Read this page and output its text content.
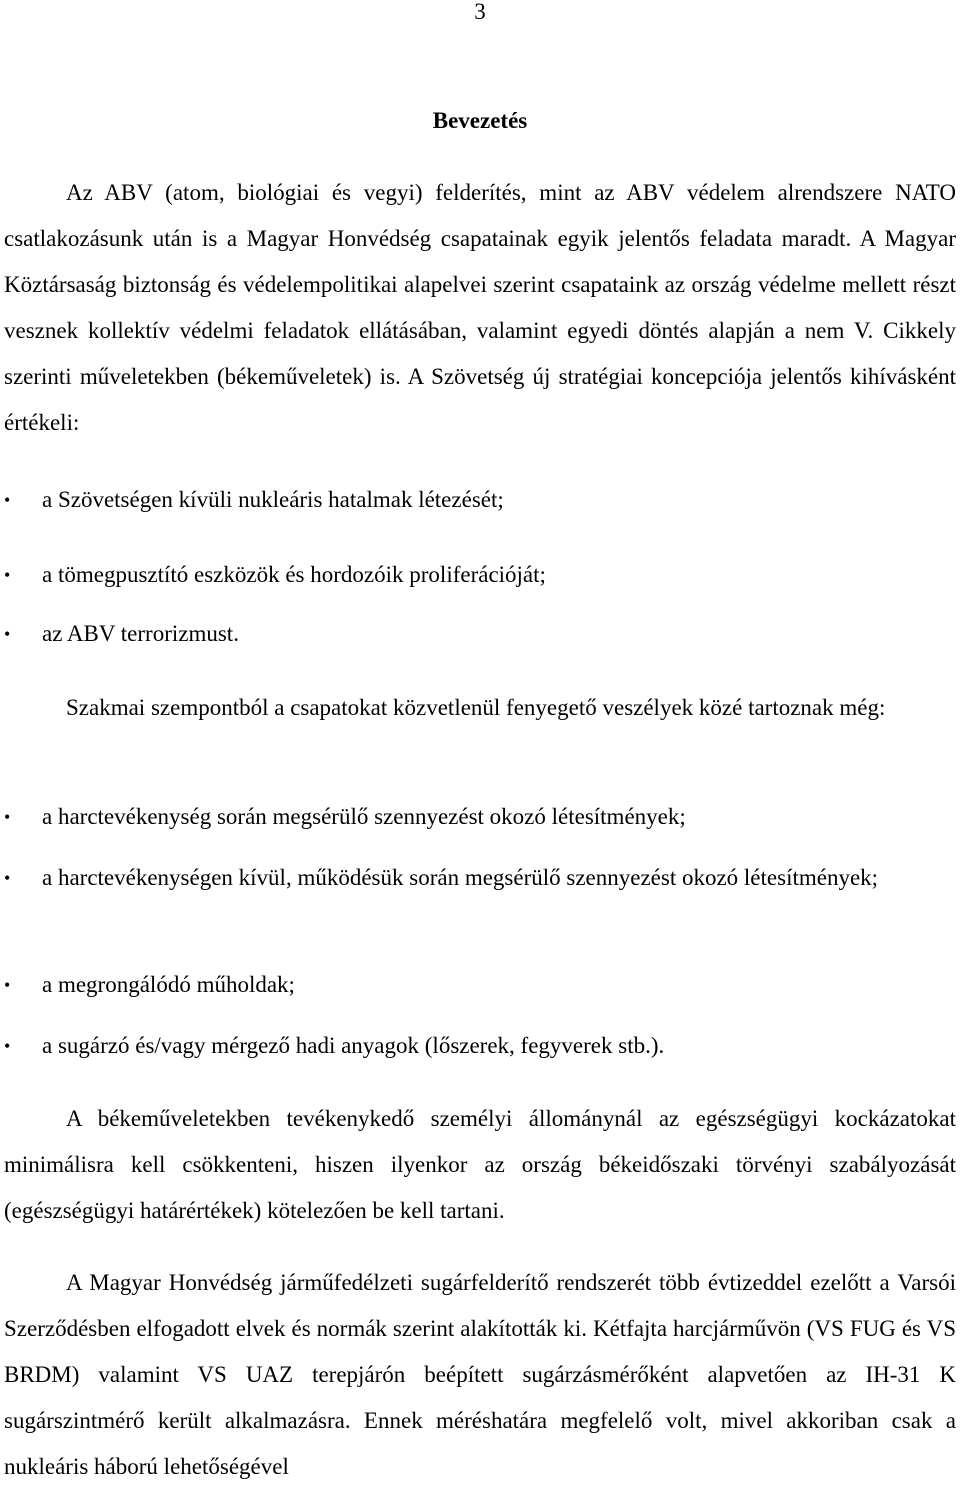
3
Bevezetés

Az ABV (atom, biológiai és vegyi) felderítés, mint az ABV védelem alrendszere NATO csatlakozásunk után is a Magyar Honvédség csapatainak egyik jelentős feladata maradt. A Magyar Köztársaság biztonság és védelempolitikai alapelvei szerint csapataink az ország védelme mellett részt vesznek kollektív védelmi feladatok ellátásában, valamint egyedi döntés alapján a nem V. Cikkely szerinti műveletekben (békeműveletek) is. A Szövetség új stratégiai koncepciója jelentős kihívásként értékeli:

•	a Szövetségen kívüli nukleáris hatalmak létezését;
•	a tömegpusztító eszközök és hordozóik proliferációját;
•	az ABV terrorizmust.

Szakmai szempontból a csapatokat közvetlenül fenyegető veszélyek közé tartoznak még:

•	a harctevékenység során megsérülő szennyezést okozó létesítmények;
•	a harctevékenységen kívül, működésük során megsérülő szennyezést okozó létesítmények;
•	a megrongálódó műholdak;
•	a sugárzó és/vagy mérgező hadi anyagok (lőszerek, fegyverek stb.).

A békeműveletekben tevékenykedő személyi állománynál az egészségügyi kockázatokat minimálisra kell csökkenteni, hiszen ilyenkor az ország békeidőszaki törvényi szabályozását (egészségügyi határértékek) kötelezően be kell tartani.

A Magyar Honvédség járműfedélzeti sugárfelderítő rendszerét több évtizeddel ezelőtt a Varsói Szerződésben elfogadott elvek és normák szerint alakították ki. Kétfajta harcjárművön (VS FUG és VS BRDM) valamint VS UAZ terepjárón beépített sugárzásmérőként alapvetően az IH-31 K sugárszintmérő került alkalmazásra. Ennek méréshatára megfelelő volt, mivel akkoriban csak a nukleáris háború lehetőségével
